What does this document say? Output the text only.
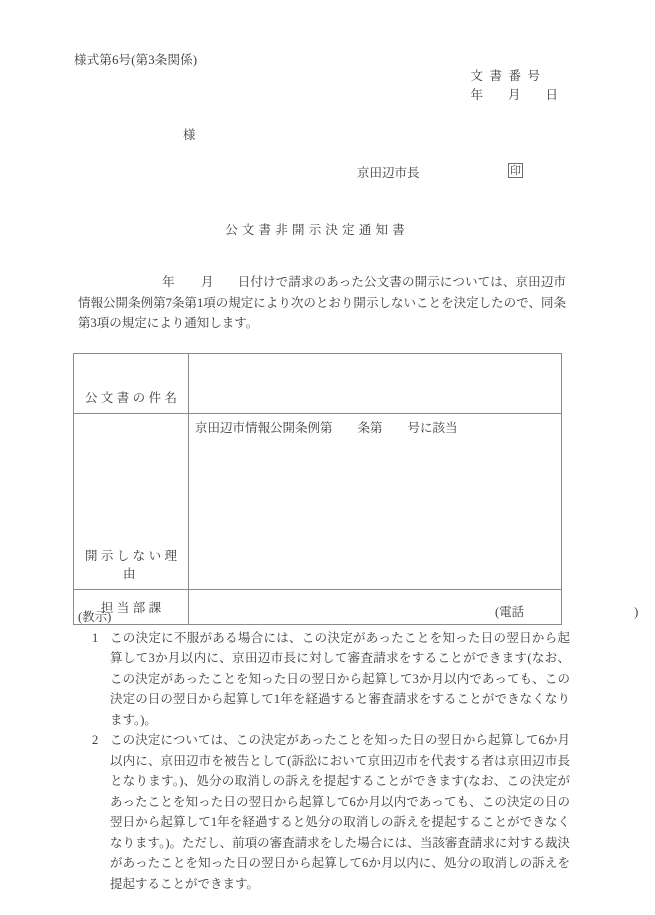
様式第6号(第3条関係)
文書番号
年　　月　　日
様
京田辺市長	印
公文書非開示決定通知書
年 月 日付けで請求のあった公文書の開示については、京田辺市情報公開条例第7条第1項の規定により次のとおり開示しないことを決定したので、同条第3項の規定により通知します。
公文書の件名	
開示しない理由	京田辺市情報公開条例第　　条第　　号に該当
担当部課	(電話 )
(教示)
1 この決定に不服がある場合には、この決定があったことを知った日の翌日から起算して3か月以内に、京田辺市長に対して審査請求をすることができます(なお、この決定があったことを知った日の翌日から起算して3か月以内であっても、この決定の日の翌日から起算して1年を経過すると審査請求をすることができなくなります。)。
2 この決定については、この決定があったことを知った日の翌日から起算して6か月以内に、京田辺市を被告として(訴訟において京田辺市を代表する者は京田辺市長となります。)、処分の取消しの訴えを提起することができます(なお、この決定があったことを知った日の翌日から起算して6か月以内であっても、この決定の日の翌日から起算して1年を経過すると処分の取消しの訴えを提起することができなくなります。)。ただし、前項の審査請求をした場合には、当該審査請求に対する裁決があったことを知った日の翌日から起算して6か月以内に、処分の取消しの訴えを提起することができます。
